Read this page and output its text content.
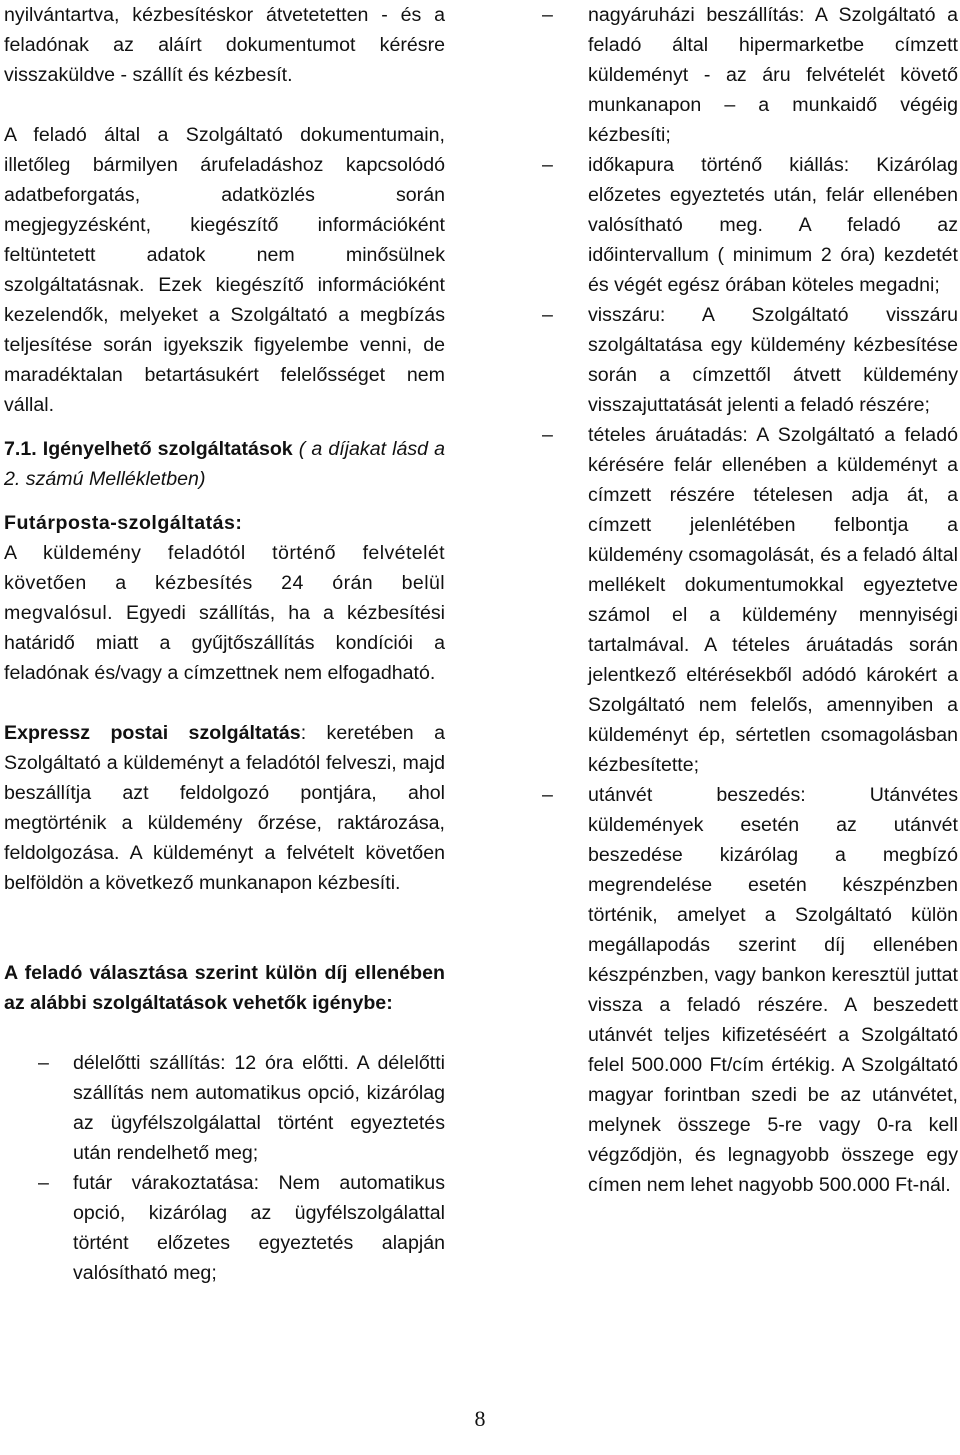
nyilvántartva, kézbesítéskor átvetetetten - és a feladónak az aláírt dokumentumot kérésre visszaküldve - szállít és kézbesít.

A feladó által a Szolgáltató dokumentumain, illetőleg bármilyen árufeladáshoz kapcsolódó adatbeforgatás, adatközlés során megjegyzésként, kiegészítő információként feltüntetett adatok nem minősülnek szolgáltatásnak. Ezek kiegészítő információként kezelendők, melyeket a Szolgáltató a megbízás teljesítése során igyekszik figyelembe venni, de maradéktalan betartásukért felelősséget nem vállal.

7.1. Igényelhető szolgáltatások ( a díjakat lásd a 2. számú Mellékletben)

Futárposta-szolgáltatás:

A küldemény feladótól történő felvételét követően a kézbesítés 24 órán belül megvalósul. Egyedi szállítás, ha a kézbesítési határidő miatt a gyűjtőszállítás kondíciói a feladónak és/vagy a címzettnek nem elfogadható.

Expressz postai szolgáltatás: keretében a Szolgáltató a küldeményt a feladótól felveszi, majd beszállítja azt feldolgozó pontjára, ahol megtörténik a küldemény őrzése, raktározása, feldolgozása. A küldeményt a felvételt követően belföldön a következő munkanapon kézbesíti.

A feladó választása szerint külön díj ellenében az alábbi szolgáltatások vehetők igénybe:

– délelőtti szállítás: 12 óra előtti. A délelőtti szállítás nem automatikus opció, kizárólag az ügyfélszolgálattal történt egyeztetés után rendelhető meg;
– futár várakoztatása: Nem automatikus opció, kizárólag az ügyfélszolgálattal történt előzetes egyeztetés alapján valósítható meg;
– nagyáruházi beszállítás: A Szolgáltató a feladó által hipermarketbe címzett küldeményt - az áru felvételét követő munkanapon – a munkaidő végéig kézbesíti;
– időkapura történő kiállás: Kizárólag előzetes egyeztetés után, felár ellenében valósítható meg. A feladó az időintervallum ( minimum 2 óra) kezdetét és végét egész órában köteles megadni;
– visszáru: A Szolgáltató visszáru szolgáltatása egy küldemény kézbesítése során a címzettől átvett küldemény visszajuttatását jelenti a feladó részére;
– tételes áruátadás: A Szolgáltató a feladó kérésére felár ellenében a küldeményt a címzett részére tételesen adja át, a címzett jelenlétében felbontja a küldemény csomagolását, és a feladó által mellékelt dokumentumokkal egyeztetve számol el a küldemény mennyiségi tartalmával. A tételes áruátadás során jelentkező eltérésekből adódó károkért a Szolgáltató nem felelős, amennyiben a küldeményt ép, sértetlen csomagolásban kézbesítette;
– utánvét beszedés: Utánvétes küldemények esetén az utánvét beszedése kizárólag a megbízó megrendelése esetén készpénzben történik, amelyet a Szolgáltató külön megállapodás szerint díj ellenében készpénzben, vagy bankon keresztül juttat vissza a feladó részére. A beszedett utánvét teljes kifizetéséért a Szolgáltató felel 500.000 Ft/cím értékig. A Szolgáltató magyar forintban szedi be az utánvétet, melynek összege 5-re vagy 0-ra kell végződjön, és legnagyobb összege egy címen nem lehet nagyobb 500.000 Ft-nál.
8
